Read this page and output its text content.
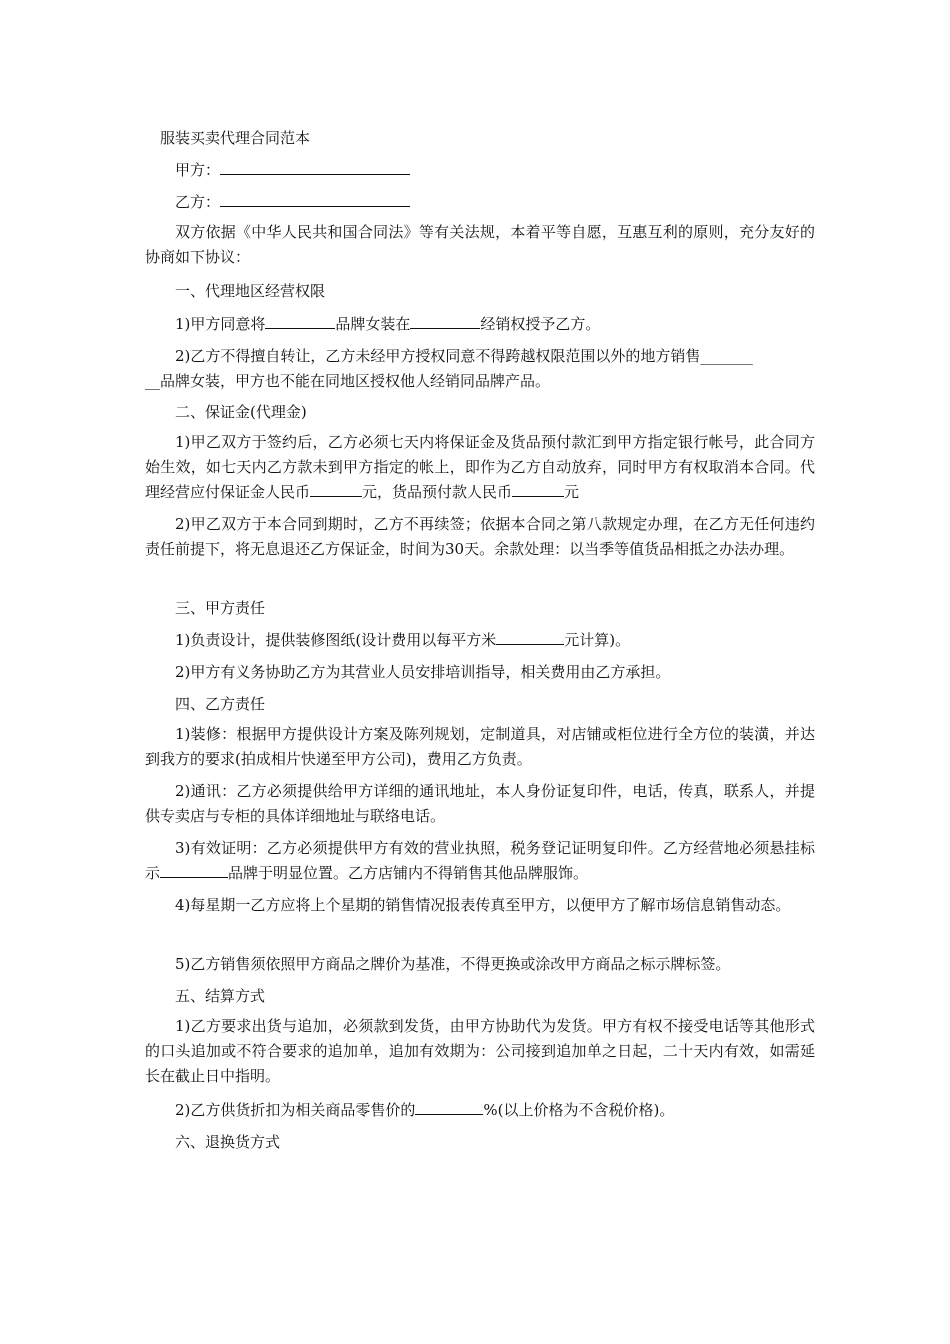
服装买卖代理合同范本
甲方：
乙方：
双方依据《中华人民共和国合同法》等有关法规，本着平等自愿，互惠互利的原则，充分友好的协商如下协议：
一、代理地区经营权限
1)甲方同意将	品牌女装在	经销权授予乙方。
2)乙方不得擅自转让，乙方未经甲方授权同意不得跨越权限范围以外的地方销售_______
__品牌女装，甲方也不能在同地区授权他人经销同品牌产品。
二、保证金(代理金)
1)甲乙双方于签约后，乙方必须七天内将保证金及货品预付款汇到甲方指定银行帐号，此合同方始生效，如七天内乙方款未到甲方指定的帐上，即作为乙方自动放弃，同时甲方有权取消本合同。代理经营应付保证金人民币	元，货品预付款人民币	元
2)甲乙双方于本合同到期时，乙方不再续签；依据本合同之第八款规定办理，在乙方无任何违约责任前提下，将无息退还乙方保证金，时间为30天。余款处理：以当季等值货品相抵之办法办理。
三、甲方责任
1)负责设计，提供装修图纸(设计费用以每平方米	元计算)。
2)甲方有义务协助乙方为其营业人员安排培训指导，相关费用由乙方承担。
四、乙方责任
1)装修：根据甲方提供设计方案及陈列规划，定制道具，对店铺或柜位进行全方位的装潢，并达到我方的要求(拍成相片快递至甲方公司)，费用乙方负责。
2)通讯：乙方必须提供给甲方详细的通讯地址，本人身份证复印件，电话，传真，联系人，并提供专卖店与专柜的具体详细地址与联络电话。
3)有效证明：乙方必须提供甲方有效的营业执照，税务登记证明复印件。乙方经营地必须悬挂标示	品牌于明显位置。乙方店铺内不得销售其他品牌服饰。
4)每星期一乙方应将上个星期的销售情况报表传真至甲方，以便甲方了解市场信息销售动态。
5)乙方销售须依照甲方商品之牌价为基准，不得更换或涂改甲方商品之标示牌标签。
五、结算方式
1)乙方要求出货与追加，必须款到发货，由甲方协助代为发货。甲方有权不接受电话等其他形式的口头追加或不符合要求的追加单，追加有效期为：公司接到追加单之日起，二十天内有效，如需延长在截止日中指明。
2)乙方供货折扣为相关商品零售价的	%(以上价格为不含税价格)。
六、退换货方式
